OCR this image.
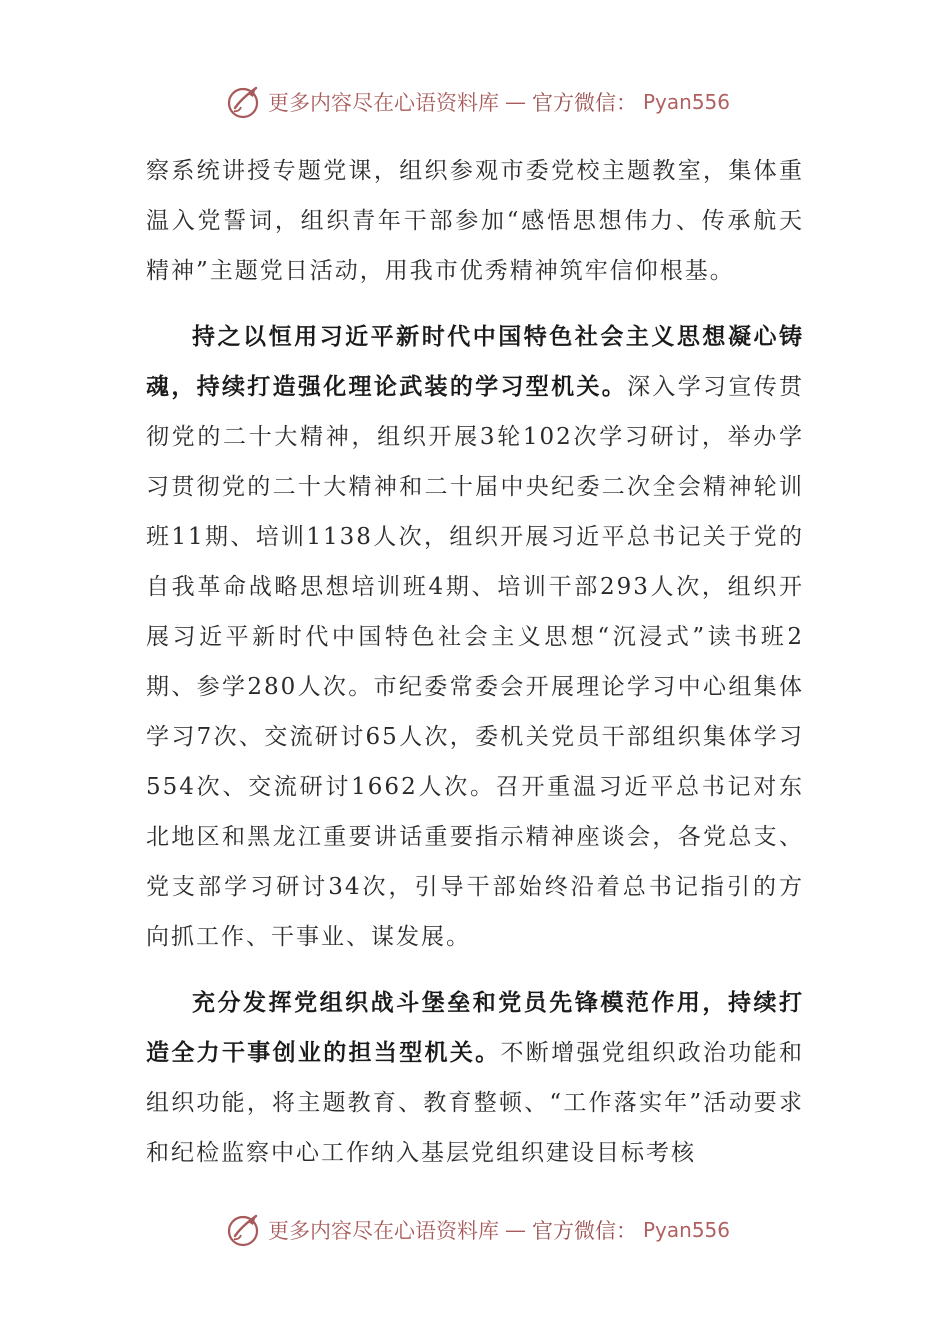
更多内容尽在心语资料库 — 官方微信： Pyan556

察系统讲授专题党课，组织参观市委党校主题教室，集体重温入党誓词，组织青年干部参加“感悟思想伟力、传承航天精神”主题党日活动，用我市优秀精神筑牢信仰根基。

持之以恒用习近平新时代中国特色社会主义思想凝心铸魂，持续打造强化理论武装的学习型机关。深入学习宣传贯彻党的二十大精神，组织开展3轮102次学习研讨，举办学习贯彻党的二十大精神和二十届中央纪委二次全会精神轮训班11期、培训1138人次，组织开展习近平总书记关于党的自我革命战略思想培训班4期、培训干部293人次，组织开展习近平新时代中国特色社会主义思想“沉浸式”读书班2期、参学280人次。市纪委常委会开展理论学习中心组集体学习7次、交流研讨65人次，委机关党员干部组织集体学习554次、交流研讨1662人次。召开重温习近平总书记对东北地区和黑龙江重要讲话重要指示精神座谈会，各党总支、党支部学习研讨34次，引导干部始终沿着总书记指引的方向抓工作、干事业、谋发展。

充分发挥党组织战斗堡垒和党员先锋模范作用，持续打造全力干事创业的担当型机关。不断增强党组织政治功能和组织功能，将主题教育、教育整顿、“工作落实年”活动要求和纪检监察中心工作纳入基层党组织建设目标考核

更多内容尽在心语资料库 — 官方微信： Pyan556
